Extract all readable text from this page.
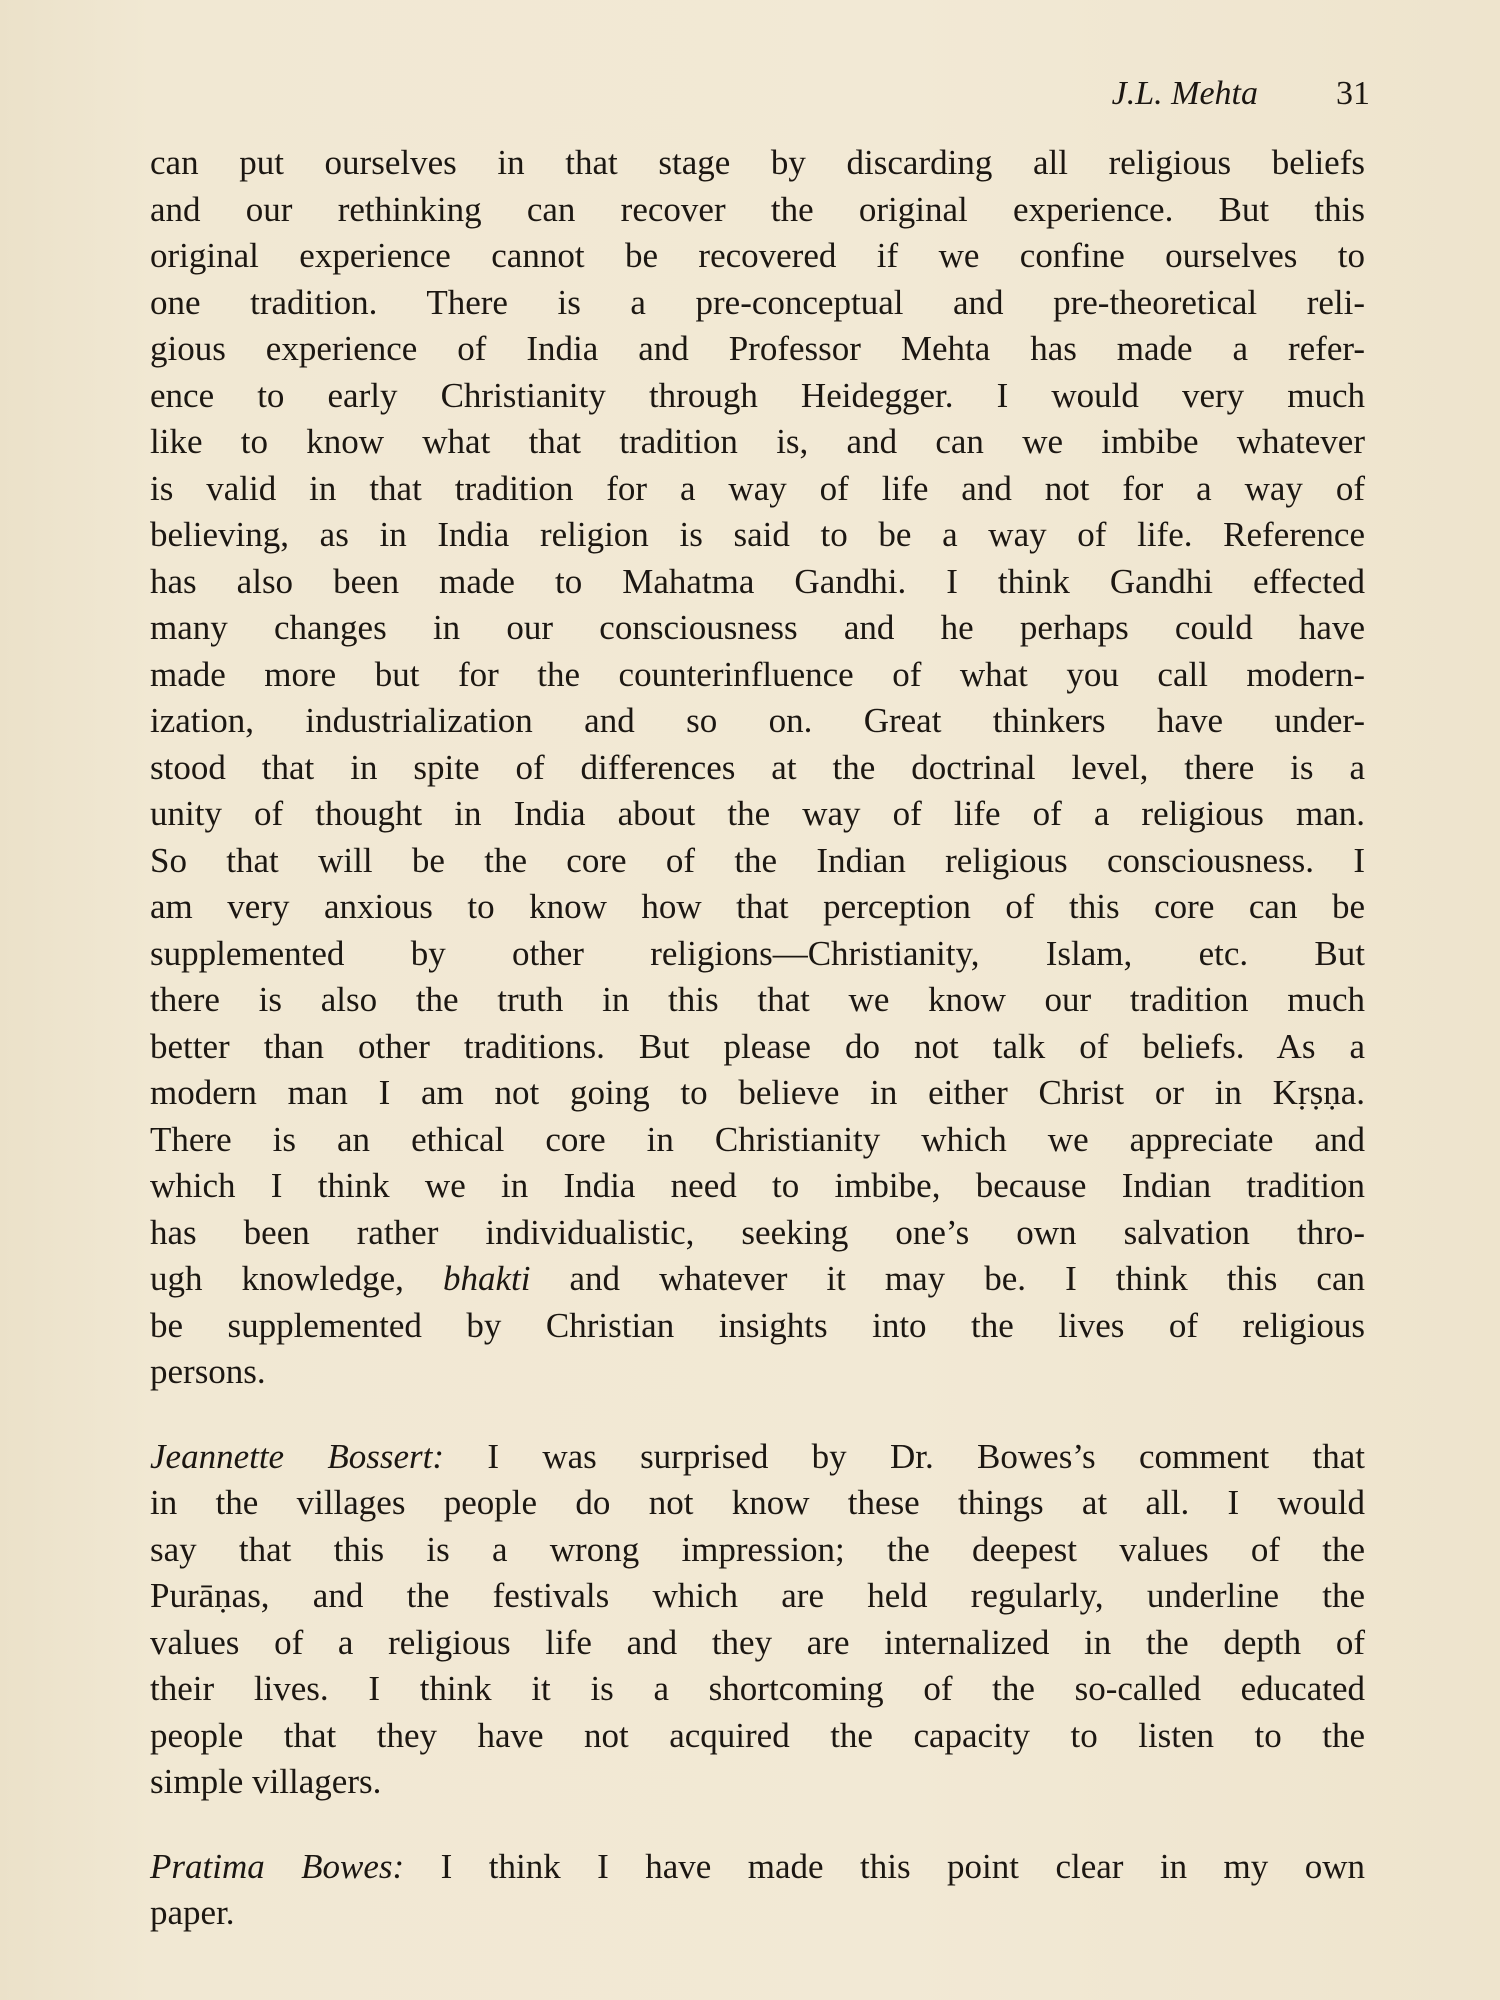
J.L. Mehta 31

can put ourselves in that stage by discarding all religious beliefs

and our rethinking can recover the original experience. But this

original experience cannot be recovered if we confine ourselves to

one tradition. There is a pre-conceptual and pre-theoretical reli-

gious experience of India and Professor Mehta has made a refer-

ence to early Christianity through Heidegger. I would very much

like to know what that tradition is, and can we imbibe whatever

is valid in that tradition for a way of life and not for a way of

believing, as in India religion is said to be a way of life. Reference

has also been made to Mahatma Gandhi. I think Gandhi effected

many changes in our consciousness and he perhaps could have

made more but for the counterinfluence of what you call modern-

ization, industrialization and so on. Great thinkers have under-

stood that in spite of differences at the doctrinal level, there is a

unity of thought in India about the way of life of a religious man.

So that will be the core of the Indian religious consciousness. I

am very anxious to know how that perception of this core can be

supplemented by other religions—Christianity, Islam, etc. But

there is also the truth in this that we know our tradition much

better than other traditions. But please do not talk of beliefs. As a

modern man I am not going to believe in either Christ or in Kṛṣṇa.

There is an ethical core in Christianity which we appreciate and

which I think we in India need to imbibe, because Indian tradition

has been rather individualistic, seeking one’s own salvation thro-

ugh knowledge, bhakti and whatever it may be. I think this can

be supplemented by Christian insights into the lives of religious

persons.

Jeannette Bossert: I was surprised by Dr. Bowes’s comment that

in the villages people do not know these things at all. I would

say that this is a wrong impression; the deepest values of the

Purāṇas, and the festivals which are held regularly, underline the

values of a religious life and they are internalized in the depth of

their lives. I think it is a shortcoming of the so-called educated

people that they have not acquired the capacity to listen to the

simple villagers.

Pratima Bowes: I think I have made this point clear in my own

paper.
